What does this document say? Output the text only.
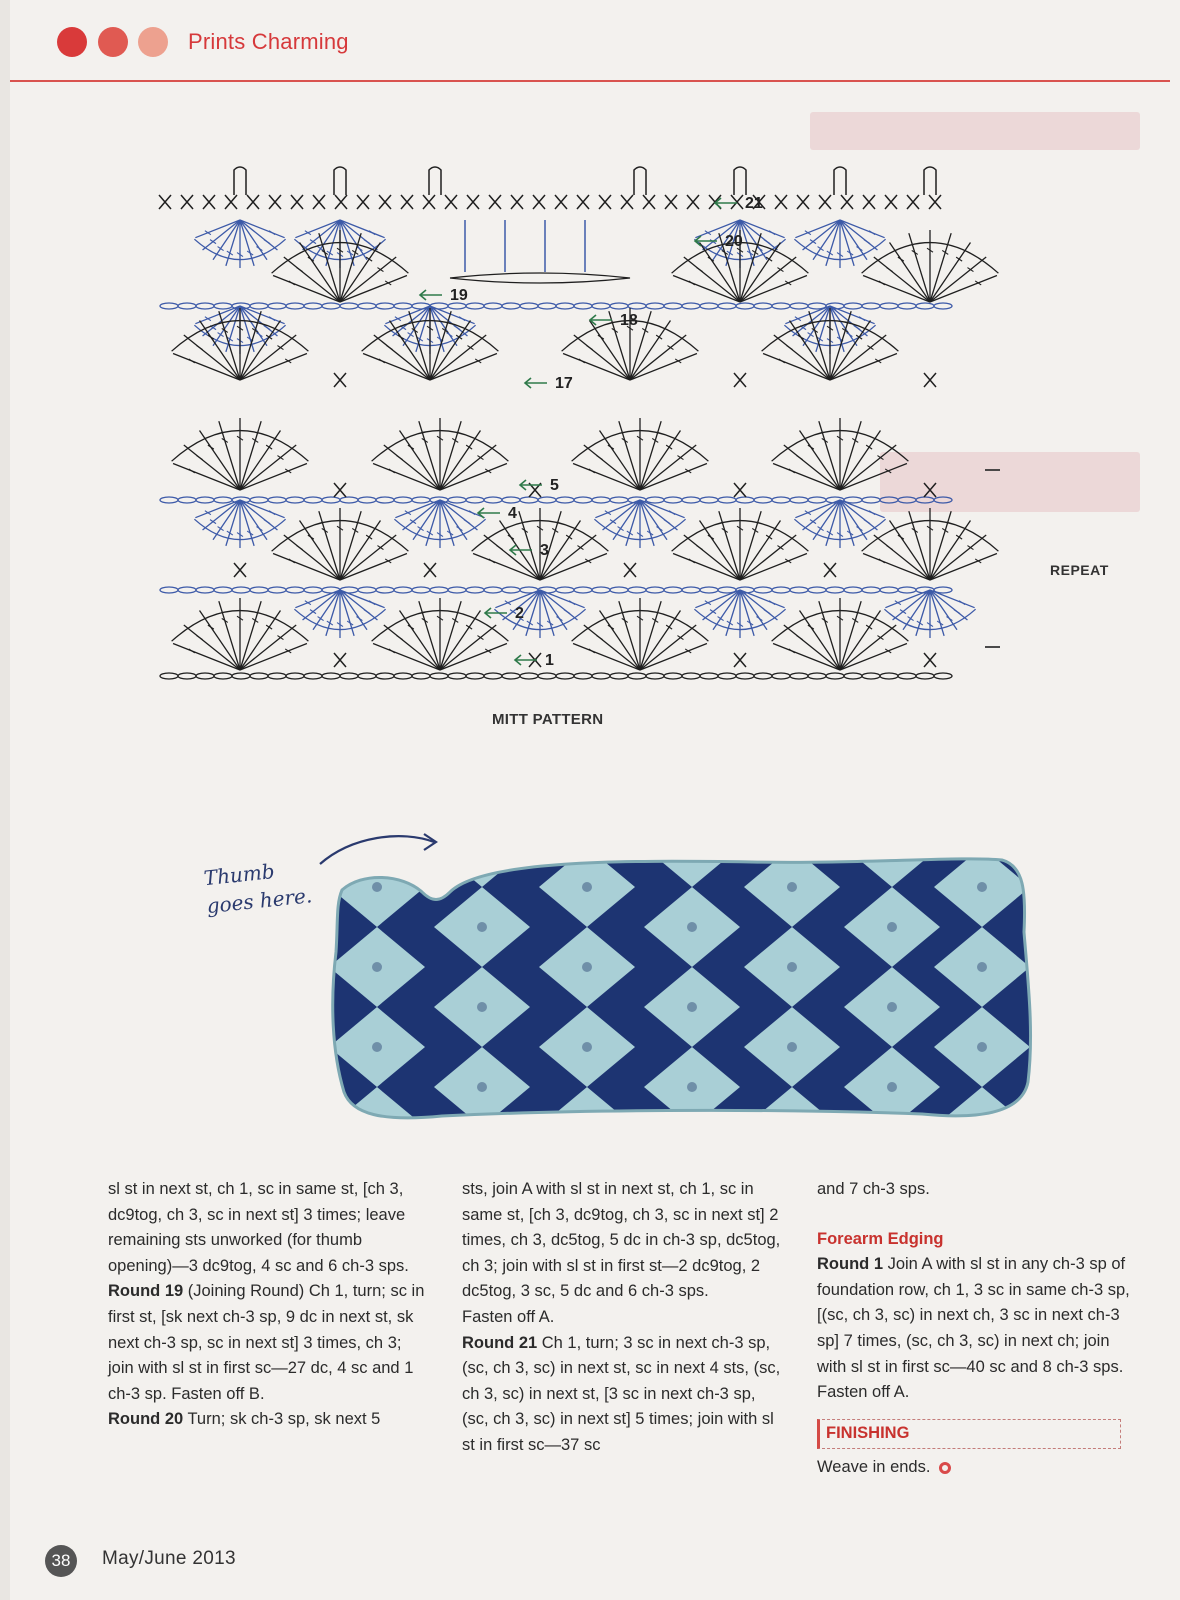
Prints Charming
19
18
17
20
21
1
2
3
4
5
REPEAT
MITT PATTERN
Thumb
goes here.

sl st in next st, ch 1, sc in same st, [ch 3, dc9tog, ch 3, sc in next st] 3 times; leave remaining sts unworked (for thumb opening)—3 dc9tog, 4 sc and 6 ch-3 sps.

Round 19 (Joining Round) Ch 1, turn; sc in first st, [sk next ch-3 sp, 9 dc in next st, sk next ch-3 sp, sc in next st] 3 times, ch 3; join with sl st in first sc—27 dc, 4 sc and 1 ch-3 sp. Fasten off B.

Round 20 Turn; sk ch-3 sp, sk next 5

sts, join A with sl st in next st, ch 1, sc in same st, [ch 3, dc9tog, ch 3, sc in next st] 2 times, ch 3, dc5tog, 5 dc in ch-3 sp, dc5tog, ch 3; join with sl st in first st—2 dc9tog, 2 dc5tog, 3 sc, 5 dc and 6 ch-3 sps.

Fasten off A.

Round 21 Ch 1, turn; 3 sc in next ch-3 sp, (sc, ch 3, sc) in next st, sc in next 4 sts, (sc, ch 3, sc) in next st, [3 sc in next ch-3 sp, (sc, ch 3, sc) in next st] 5 times; join with sl st in first sc—37 sc

and 7 ch-3 sps.

Forearm Edging

Round 1 Join A with sl st in any ch-3 sp of foundation row, ch 1, 3 sc in same ch-3 sp, [(sc, ch 3, sc) in next ch, 3 sc in next ch-3 sp] 7 times, (sc, ch 3, sc) in next ch; join with sl st in first sc—40 sc and 8 ch-3 sps. Fasten off A.

FINISHING

Weave in ends.

38	May/June 2013
